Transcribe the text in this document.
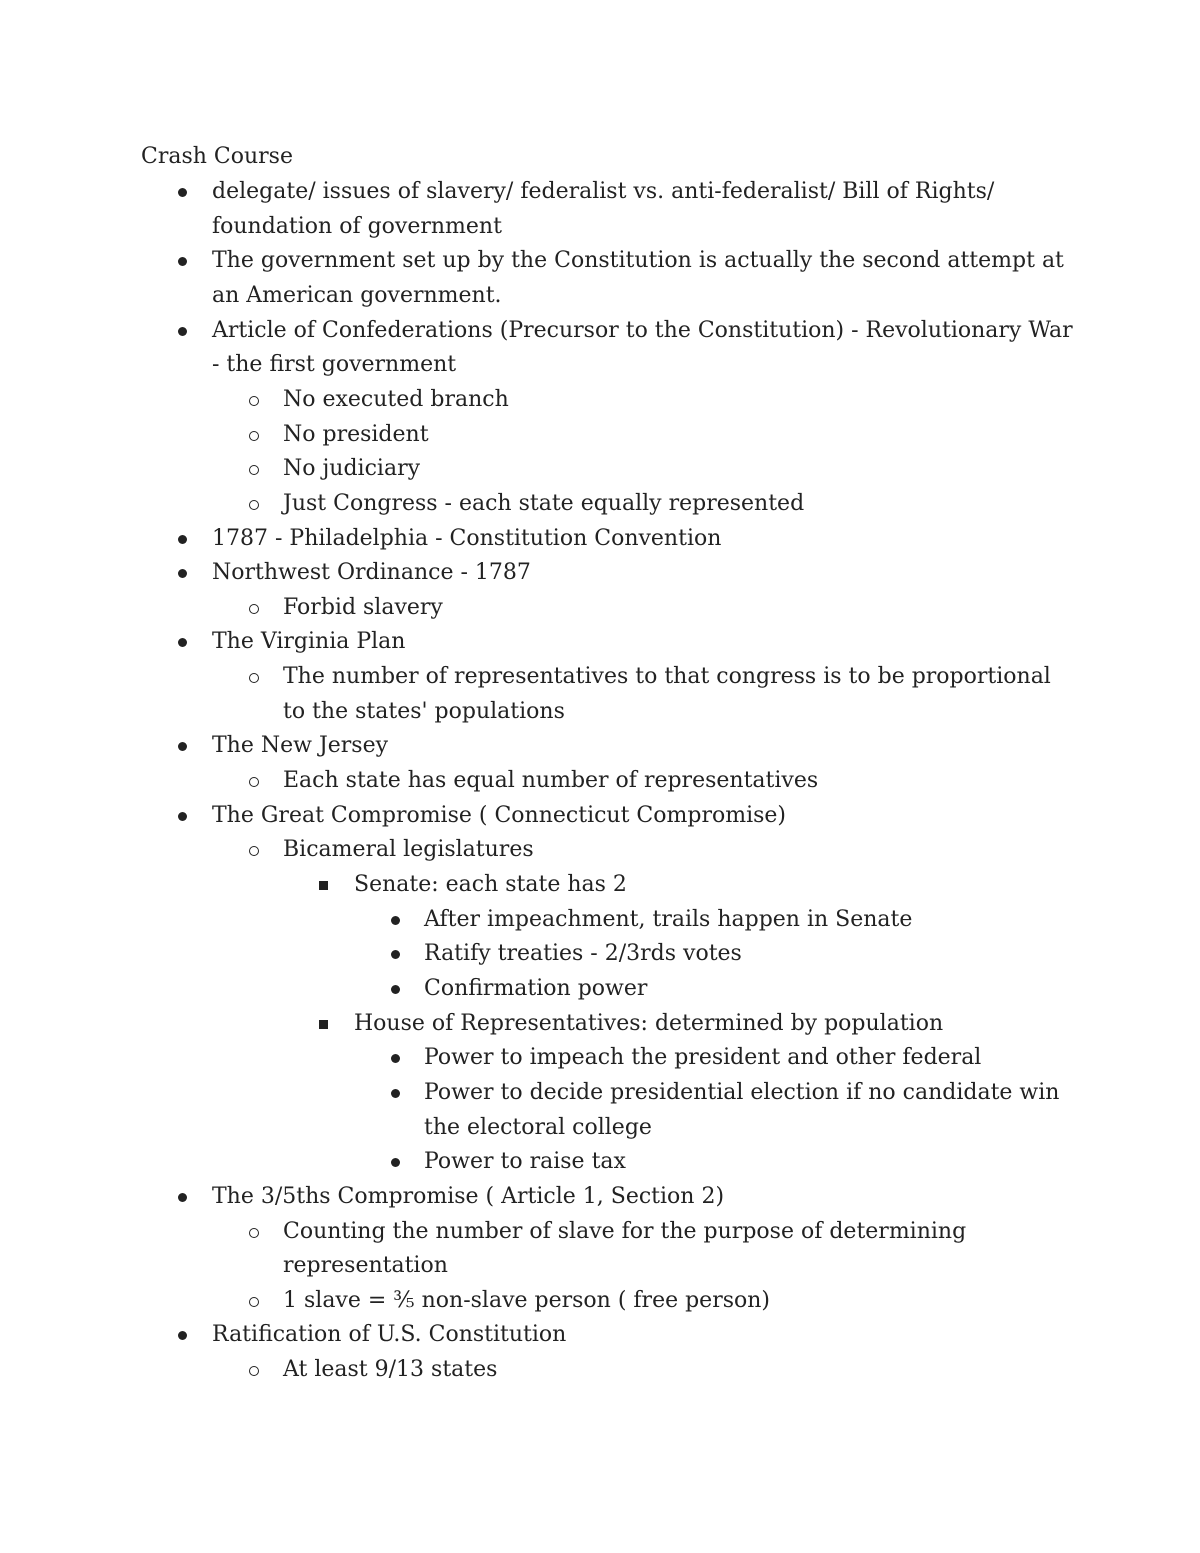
Crash Course
delegate/ issues of slavery/ federalist vs. anti-federalist/ Bill of Rights/
foundation of government
The government set up by the Constitution is actually the second attempt at
an American government.
Article of Confederations (Precursor to the Constitution) - Revolutionary War
- the first government
No executed branch
No president
No judiciary
Just Congress - each state equally represented
1787 - Philadelphia - Constitution Convention
Northwest Ordinance - 1787
Forbid slavery
The Virginia Plan
The number of representatives to that congress is to be proportional
to the states' populations
The New Jersey
Each state has equal number of representatives
The Great Compromise ( Connecticut Compromise)
Bicameral legislatures
Senate: each state has 2
After impeachment, trails happen in Senate
Ratify treaties - 2/3rds votes
Confirmation power
House of Representatives: determined by population
Power to impeach the president and other federal
Power to decide presidential election if no candidate win
the electoral college
Power to raise tax
The 3/5ths Compromise ( Article 1, Section 2)
Counting the number of slave for the purpose of determining
representation
1 slave = ⅗ non-slave person ( free person)
Ratification of U.S. Constitution
At least 9/13 states
